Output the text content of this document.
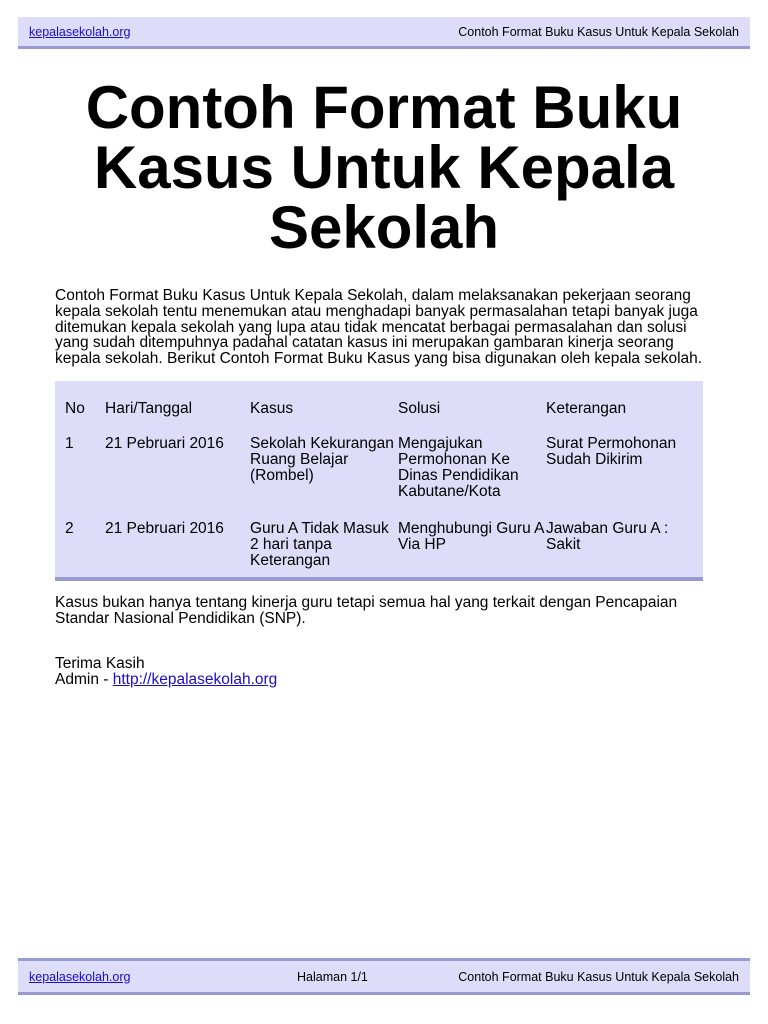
kepalasekolah.org	Contoh Format Buku Kasus Untuk Kepala Sekolah
Contoh Format Buku Kasus Untuk Kepala Sekolah

Contoh Format Buku Kasus Untuk Kepala Sekolah, dalam melaksanakan pekerjaan seorang kepala sekolah tentu menemukan atau menghadapi banyak permasalahan tetapi banyak juga ditemukan kepala sekolah yang lupa atau tidak mencatat berbagai permasalahan dan solusi yang sudah ditempuhnya padahal catatan kasus ini merupakan gambaran kinerja seorang kepala sekolah. Berikut Contoh Format Buku Kasus yang bisa digunakan oleh kepala sekolah.

No	Hari/Tanggal	Kasus	Solusi	Keterangan
1	21 Pebruari 2016	Sekolah Kekurangan Ruang Belajar (Rombel)	Mengajukan Permohonan Ke Dinas Pendidikan Kabutane/Kota	Surat Permohonan Sudah Dikirim
2	21 Pebruari 2016	Guru A Tidak Masuk 2 hari tanpa Keterangan	Menghubungi Guru A Via HP	Jawaban Guru A : Sakit

Kasus bukan hanya tentang kinerja guru tetapi semua hal yang terkait dengan Pencapaian Standar Nasional Pendidikan (SNP).

Terima Kasih
Admin - http://kepalasekolah.org

kepalasekolah.org	Halaman 1/1	Contoh Format Buku Kasus Untuk Kepala Sekolah
